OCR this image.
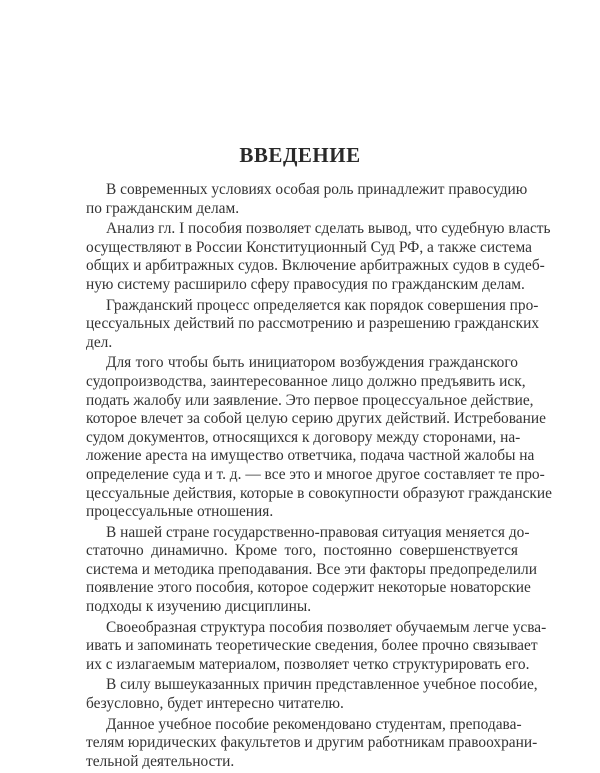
ВВЕДЕНИЕ
В современных условиях особая роль принадлежит правосудию
по гражданским делам.
Анализ гл. I пособия позволяет сделать вывод, что судебную власть
осуществляют в России Конституционный Суд РФ, а также система
общих и арбитражных судов. Включение арбитражных судов в судеб-
ную систему расширило сферу правосудия по гражданским делам.
Гражданский процесс определяется как порядок совершения про-
цессуальных действий по рассмотрению и разрешению гражданских
дел.
Для того чтобы быть инициатором возбуждения гражданского
судопроизводства, заинтересованное лицо должно предъявить иск,
подать жалобу или заявление. Это первое процессуальное действие,
которое влечет за собой целую серию других действий. Истребование
судом документов, относящихся к договору между сторонами, на-
ложение ареста на имущество ответчика, подача частной жалобы на
определение суда и т. д. — все это и многое другое составляет те про-
цессуальные действия, которые в совокупности образуют гражданские
процессуальные отношения.
В нашей стране государственно-правовая ситуация меняется до-
статочно динамично. Кроме того, постоянно совершенствуется
система и методика преподавания. Все эти факторы предопределили
появление этого пособия, которое содержит некоторые новаторские
подходы к изучению дисциплины.
Своеобразная структура пособия позволяет обучаемым легче усва-
ивать и запоминать теоретические сведения, более прочно связывает
их с излагаемым материалом, позволяет четко структурировать его.
В силу вышеуказанных причин представленное учебное пособие,
безусловно, будет интересно читателю.
Данное учебное пособие рекомендовано студентам, преподава-
телям юридических факультетов и другим работникам правоохрани-
тельной деятельности.
